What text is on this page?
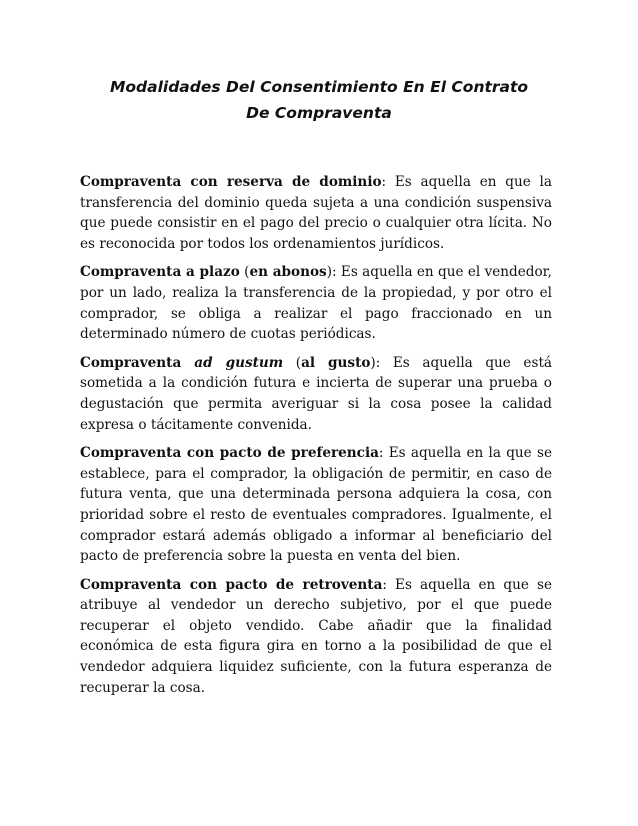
Modalidades Del Consentimiento En El Contrato
De Compraventa

Compraventa con reserva de dominio: Es aquella en que la transferencia del dominio queda sujeta a una condición suspensiva que puede consistir en el pago del precio o cualquier otra lícita. No es reconocida por todos los ordenamientos jurídicos.

Compraventa a plazo (en abonos): Es aquella en que el vendedor, por un lado, realiza la transferencia de la propiedad, y por otro el comprador, se obliga a realizar el pago fraccionado en un determinado número de cuotas periódicas.

Compraventa ad gustum (al gusto): Es aquella que está sometida a la condición futura e incierta de superar una prueba o degustación que permita averiguar si la cosa posee la calidad expresa o tácitamente convenida.

Compraventa con pacto de preferencia: Es aquella en la que se establece, para el comprador, la obligación de permitir, en caso de futura venta, que una determinada persona adquiera la cosa, con prioridad sobre el resto de eventuales compradores. Igualmente, el comprador estará además obligado a informar al beneficiario del pacto de preferencia sobre la puesta en venta del bien.

Compraventa con pacto de retroventa: Es aquella en que se atribuye al vendedor un derecho subjetivo, por el que puede recuperar el objeto vendido. Cabe añadir que la finalidad económica de esta figura gira en torno a la posibilidad de que el vendedor adquiera liquidez suficiente, con la futura esperanza de recuperar la cosa.
